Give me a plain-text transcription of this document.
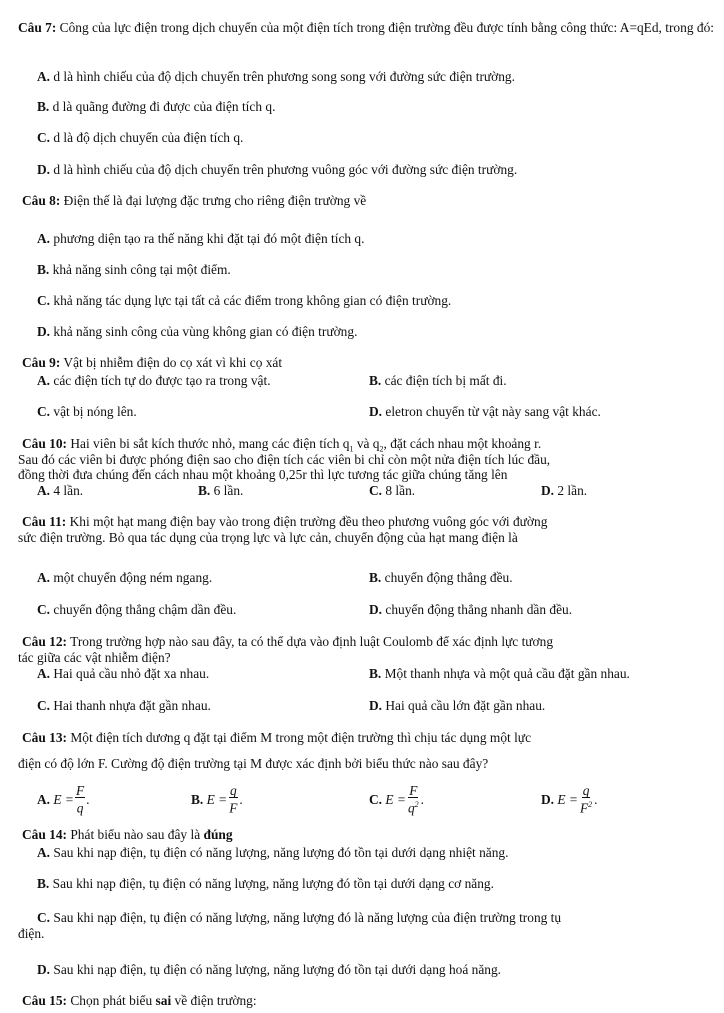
Câu 7: Công của lực điện trong dịch chuyển của một điện tích trong điện trường đều được tính bằng công thức: A=qEd, trong đó:
A. d là hình chiếu của độ dịch chuyển trên phương song song với đường sức điện trường.
B. d là quãng đường đi được của điện tích q.
C. d là độ dịch chuyển của điện tích q.
D. d là hình chiếu của độ dịch chuyển trên phương vuông góc với đường sức điện trường.
Câu 8: Điện thế là đại lượng đặc trưng cho riêng điện trường về
A. phương diện tạo ra thế năng khi đặt tại đó một điện tích q.
B. khả năng sinh công tại một điểm.
C. khả năng tác dụng lực tại tất cả các điểm trong không gian có điện trường.
D. khả năng sinh công của vùng không gian có điện trường.
Câu 9: Vật bị nhiễm điện do cọ xát vì khi cọ xát
A. các điện tích tự do được tạo ra trong vật.	B. các điện tích bị mất đi.
C. vật bị nóng lên.	D. eletron chuyển từ vật này sang vật khác.
Câu 10: Hai viên bi sắt kích thước nhỏ, mang các điện tích $q_1$ và $q_2$, đặt cách nhau một khoảng r.
Sau đó các viên bi được phóng điện sao cho điện tích các viên bi chỉ còn một nửa điện tích lúc đầu,
đồng thời đưa chúng đến cách nhau một khoảng 0,25r thì lực tương tác giữa chúng tăng lên
A. 4 lần.	B. 6 lần.	C. 8 lần.	D. 2 lần.
Câu 11: Khi một hạt mang điện bay vào trong điện trường đều theo phương vuông góc với đường
sức điện trường. Bỏ qua tác dụng của trọng lực và lực cản, chuyển động của hạt mang điện là
A. một chuyển động ném ngang.	B. chuyển động thẳng đều.
C. chuyển động thẳng chậm dần đều.	D. chuyển động thẳng nhanh dần đều.
Câu 12: Trong trường hợp nào sau đây, ta có thể dựa vào định luật Coulomb để xác định lực tương
tác giữa các vật nhiễm điện?
A. Hai quả cầu nhỏ đặt xa nhau.	B. Một thanh nhựa và một quả cầu đặt gần nhau.
C. Hai thanh nhựa đặt gần nhau.	D. Hai quả cầu lớn đặt gần nhau.
Câu 13: Một điện tích dương q đặt tại điểm M trong một điện trường thì chịu tác dụng một lực
điện có độ lớn F. Cường độ điện trường tại M được xác định bởi biểu thức nào sau đây?
A.
$E = \frac{F}{q}$ .	B.
$E = \frac{q}{F}$ .	C.
$E = \frac{F}{q^2}$ .	D.
$E = \frac{q}{F^2}$ .
Câu 14: Phát biểu nào sau đây là đúng
A. Sau khi nạp điện, tụ điện có năng lượng, năng lượng đó tồn tại dưới dạng nhiệt năng.
B. Sau khi nạp điện, tụ điện có năng lượng, năng lượng đó tồn tại dưới dạng cơ năng.
C. Sau khi nạp điện, tụ điện có năng lượng, năng lượng đó là năng lượng của điện trường trong tụ
điện.
D. Sau khi nạp điện, tụ điện có năng lượng, năng lượng đó tồn tại dưới dạng hoá năng.
Câu 15: Chọn phát biểu sai về điện trường:
